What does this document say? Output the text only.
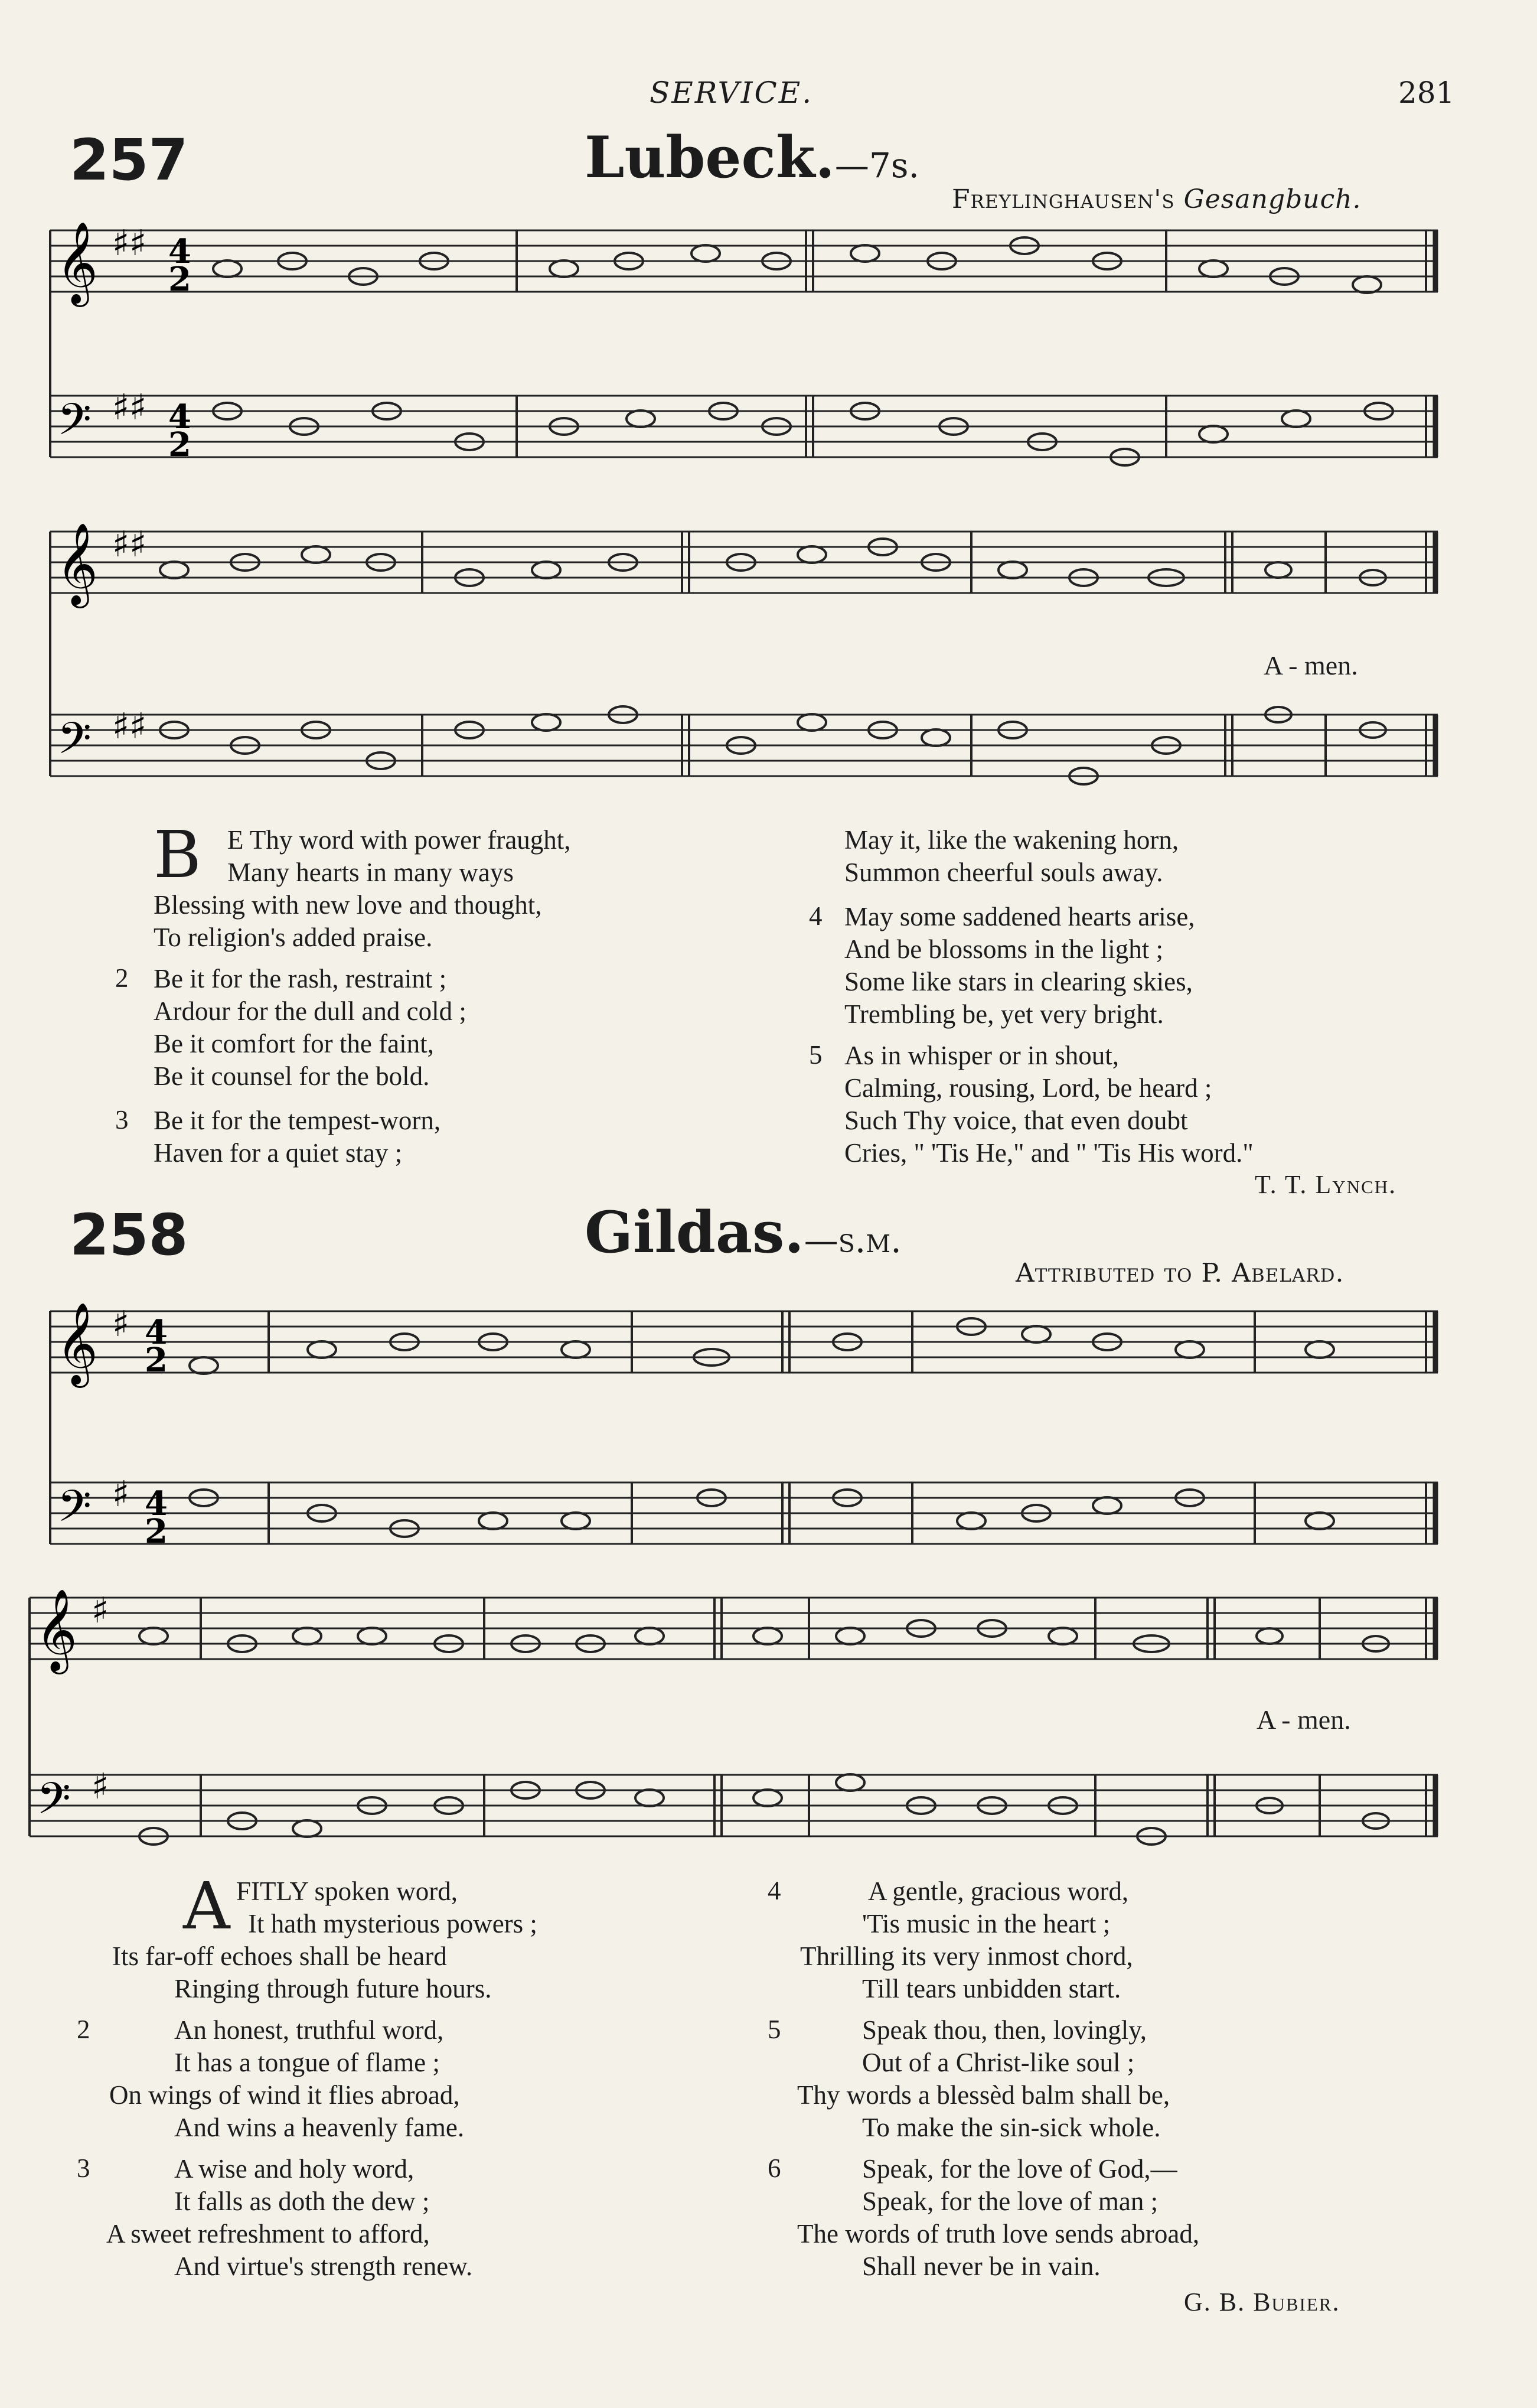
SERVICE.	281
257	Lubeck.—7s.
Freylinghausen's Gesangbuch.
𝄞
𝄢
♯♯
♯♯
4
2
4
2
𝄞
𝄢
♯♯
♯♯
A - men.
B E Thy word with power fraught,
Many hearts in many ways
Blessing with new love and thought,
To religion's added praise.
2 Be it for the rash, restraint ;
Ardour for the dull and cold ;
Be it comfort for the faint,
Be it counsel for the bold.
3 Be it for the tempest-worn,
Haven for a quiet stay ;
May it, like the wakening horn,
Summon cheerful souls away.
4 May some saddened hearts arise,
And be blossoms in the light ;
Some like stars in clearing skies,
Trembling be, yet very bright.
5 As in whisper or in shout,
Calming, rousing, Lord, be heard ;
Such Thy voice, that even doubt
Cries, " 'Tis He," and " 'Tis His word."
T. T. Lynch.
258	Gildas.—s.m.
Attributed to P. Abelard.
𝄞
𝄢
♯
♯
4
2
4
2
𝄞
𝄢
♯
♯
A - men.
A FITLY spoken word,
It hath mysterious powers ;
Its far-off echoes shall be heard
Ringing through future hours.
2	An honest, truthful word,
It has a tongue of flame ;
On wings of wind it flies abroad,
And wins a heavenly fame.
3	A wise and holy word,
It falls as doth the dew ;
A sweet refreshment to afford,
And virtue's strength renew.
4	A gentle, gracious word,
'Tis music in the heart ;
Thrilling its very inmost chord,
Till tears unbidden start.
5	Speak thou, then, lovingly,
Out of a Christ-like soul ;
Thy words a blessèd balm shall be,
To make the sin-sick whole.
6	Speak, for the love of God,—
Speak, for the love of man ;
The words of truth love sends abroad,
Shall never be in vain.
G. B. Bubier.
